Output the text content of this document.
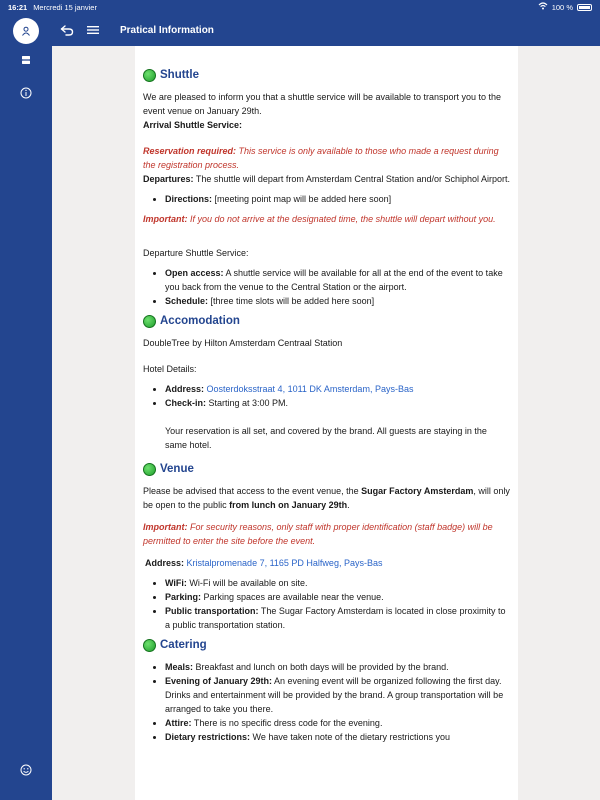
16:21 Mercredi 15 janvier	100 %
Pratical Information
Shuttle

We are pleased to inform you that a shuttle service will be available to transport you to the event venue on January 29th.

Arrival Shuttle Service:

Reservation required: This service is only available to those who made a request during the registration process.

Departures: The shuttle will depart from Amsterdam Central Station and/or Schiphol Airport.

• Directions: [meeting point map will be added here soon]

Important: If you do not arrive at the designated time, the shuttle will depart without you.

Departure Shuttle Service:

• Open access: A shuttle service will be available for all at the end of the event to take you back from the venue to the Central Station or the airport.
• Schedule: [three time slots will be added here soon]
Accomodation

DoubleTree by Hilton Amsterdam Centraal Station

Hotel Details:

• Address: Oosterdoksstraat 4, 1011 DK Amsterdam, Pays-Bas
• Check-in: Starting at 3:00 PM.

Your reservation is all set, and covered by the brand. All guests are staying in the same hotel.

Venue

Please be advised that access to the event venue, the Sugar Factory Amsterdam, will only be open to the public from lunch on January 29th.

Important: For security reasons, only staff with proper identification (staff badge) will be permitted to enter the site before the event.

Address: Kristalpromenade 7, 1165 PD Halfweg, Pays-Bas

• WiFi: Wi-Fi will be available on site.
• Parking: Parking spaces are available near the venue.
• Public transportation: The Sugar Factory Amsterdam is located in close proximity to a public transportation station.
Catering
• Meals: Breakfast and lunch on both days will be provided by the brand.
• Evening of January 29th: An evening event will be organized following the first day. Drinks and entertainment will be provided by the brand. A group transportation will be arranged to take you there.
• Attire: There is no specific dress code for the evening.
• Dietary restrictions: We have taken note of the dietary restrictions you
